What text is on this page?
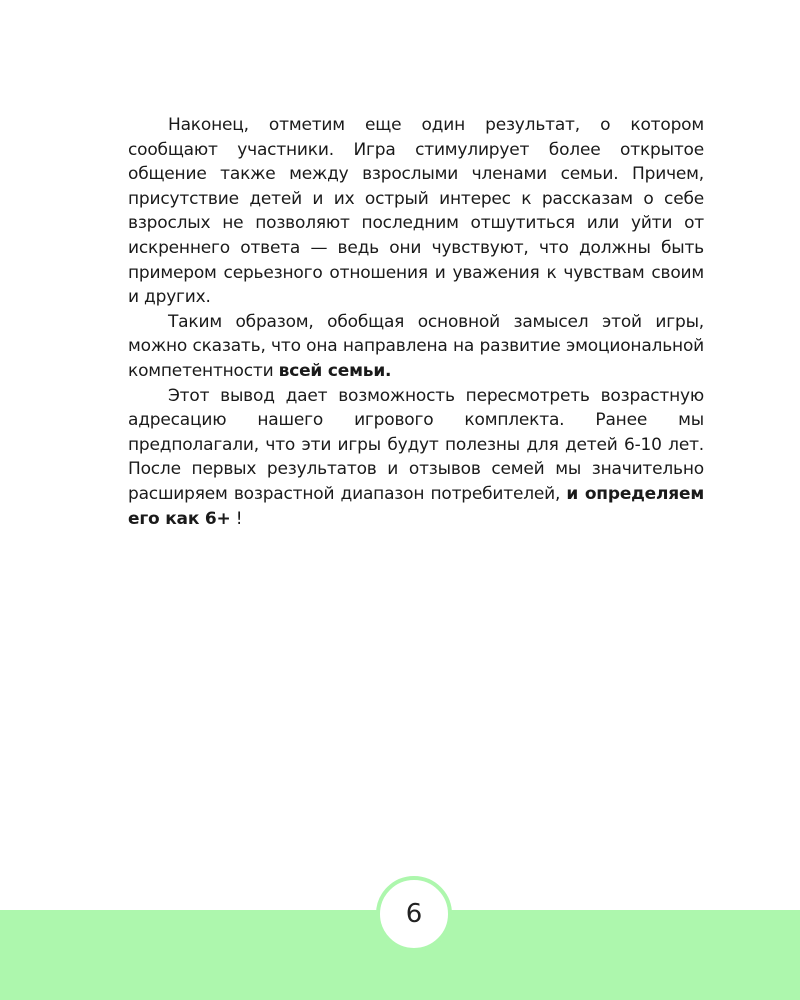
Наконец, отметим еще один результат, о котором сообщают участники. Игра стимулирует более открытое общение также между взрослыми членами семьи. Причем, присутствие детей и их острый интерес к рассказам о себе взрослых не позволяют последним отшутиться или уйти от искреннего ответа — ведь они чувствуют, что должны быть примером серьезного отношения и уважения к чувствам своим и других.

Таким образом, обобщая основной замысел этой игры, можно сказать, что она направлена на развитие эмоциональной компетентности всей семьи.

Этот вывод дает возможность пересмотреть возрастную адресацию нашего игрового комплекта. Ранее мы предполагали, что эти игры будут полезны для детей 6-10 лет. После первых результатов и отзывов семей мы значительно расширяем возрастной диапазон потребителей, и определяем его как 6+ !

6
